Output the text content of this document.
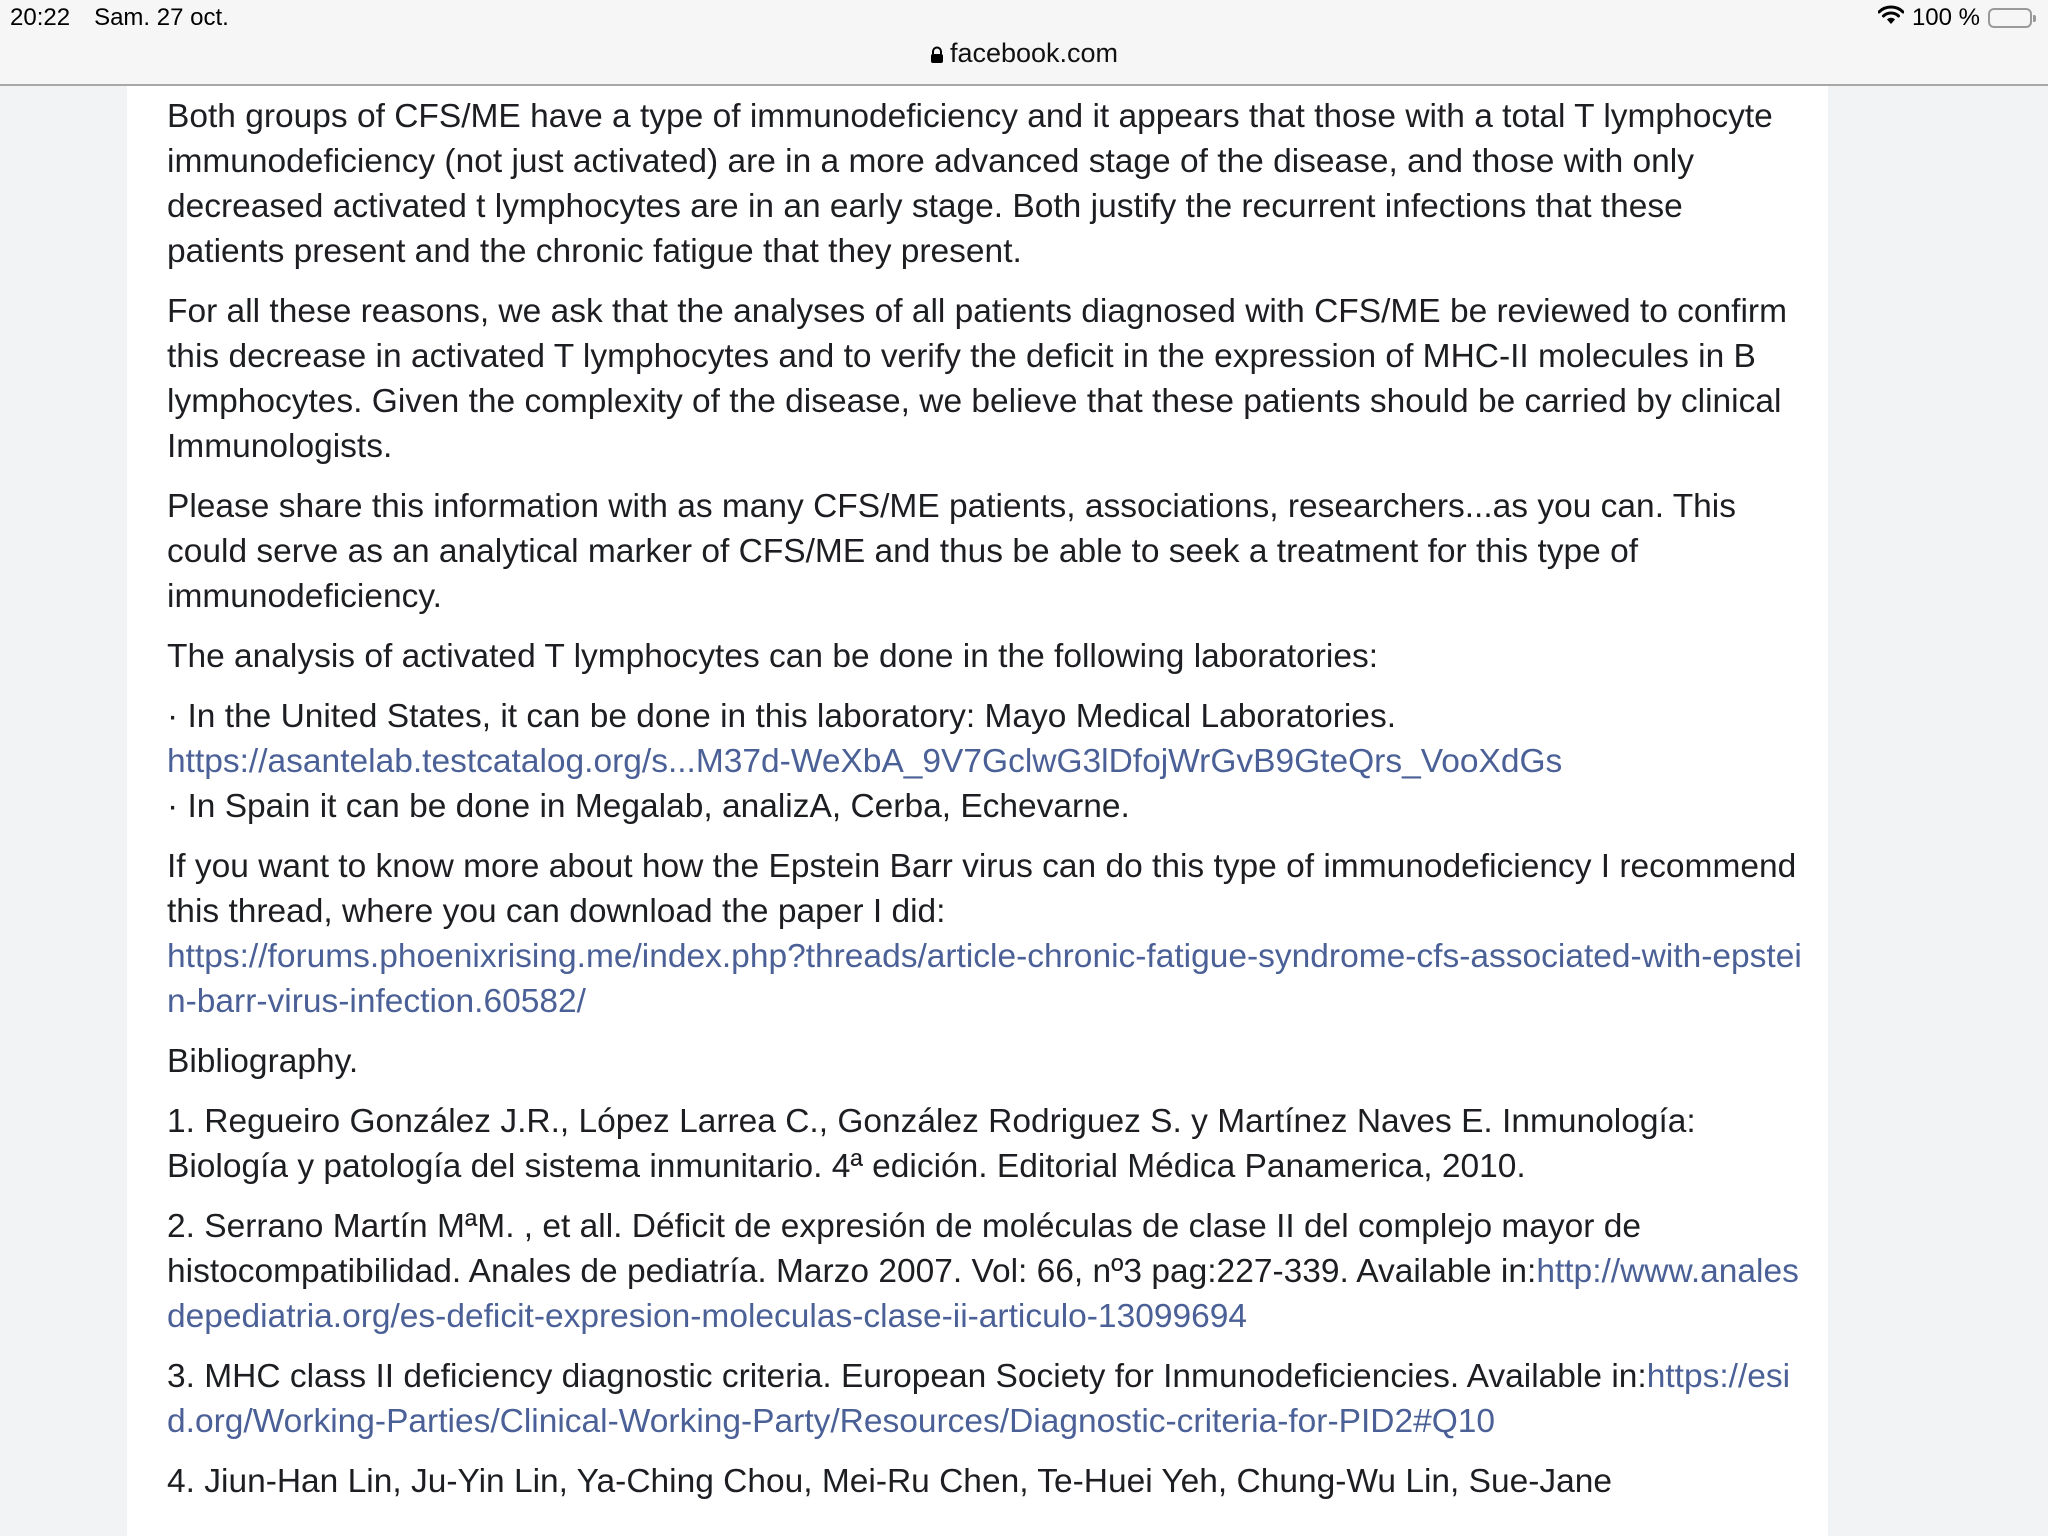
20:22 Sam. 27 oct.	100 %
facebook.com

Both groups of CFS/ME have a type of immunodeficiency and it appears that those with a total T lymphocyte immunodeficiency (not just activated) are in a more advanced stage of the disease, and those with only decreased activated t lymphocytes are in an early stage. Both justify the recurrent infections that these patients present and the chronic fatigue that they present.

For all these reasons, we ask that the analyses of all patients diagnosed with CFS/ME be reviewed to confirm this decrease in activated T lymphocytes and to verify the deficit in the expression of MHC-II molecules in B lymphocytes. Given the complexity of the disease, we believe that these patients should be carried by clinical Immunologists.

Please share this information with as many CFS/ME patients, associations, researchers...as you can. This could serve as an analytical marker of CFS/ME and thus be able to seek a treatment for this type of immunodeficiency.

The analysis of activated T lymphocytes can be done in the following laboratories:

· In the United States, it can be done in this laboratory: Mayo Medical Laboratories.
https://asantelab.testcatalog.org/s...M37d-WeXbA_9V7GclwG3lDfojWrGvB9GteQrs_VooXdGs
· In Spain it can be done in Megalab, analizA, Cerba, Echevarne.

If you want to know more about how the Epstein Barr virus can do this type of immunodeficiency I recommend this thread, where you can download the paper I did:
https://forums.phoenixrising.me/index.php?threads/article-chronic-fatigue-syndrome-cfs-associated-with-epstein-barr-virus-infection.60582/

Bibliography.

1. Regueiro González J.R., López Larrea C., González Rodriguez S. y Martínez Naves E. Inmunología: Biología y patología del sistema inmunitario. 4ª edición. Editorial Médica Panamerica, 2010.

2. Serrano Martín MªM. , et all. Déficit de expresión de moléculas de clase II del complejo mayor de histocompatibilidad. Anales de pediatría. Marzo 2007. Vol: 66, nº3 pag:227-339. Available in:http://www.analesdepediatria.org/es-deficit-expresion-moleculas-clase-ii-articulo-13099694

3. MHC class II deficiency diagnostic criteria. European Society for Inmunodeficiencies. Available in:https://esid.org/Working-Parties/Clinical-Working-Party/Resources/Diagnostic-criteria-for-PID2#Q10

4. Jiun-Han Lin, Ju-Yin Lin, Ya-Ching Chou, Mei-Ru Chen, Te-Huei Yeh, Chung-Wu Lin, Sue-Jane
